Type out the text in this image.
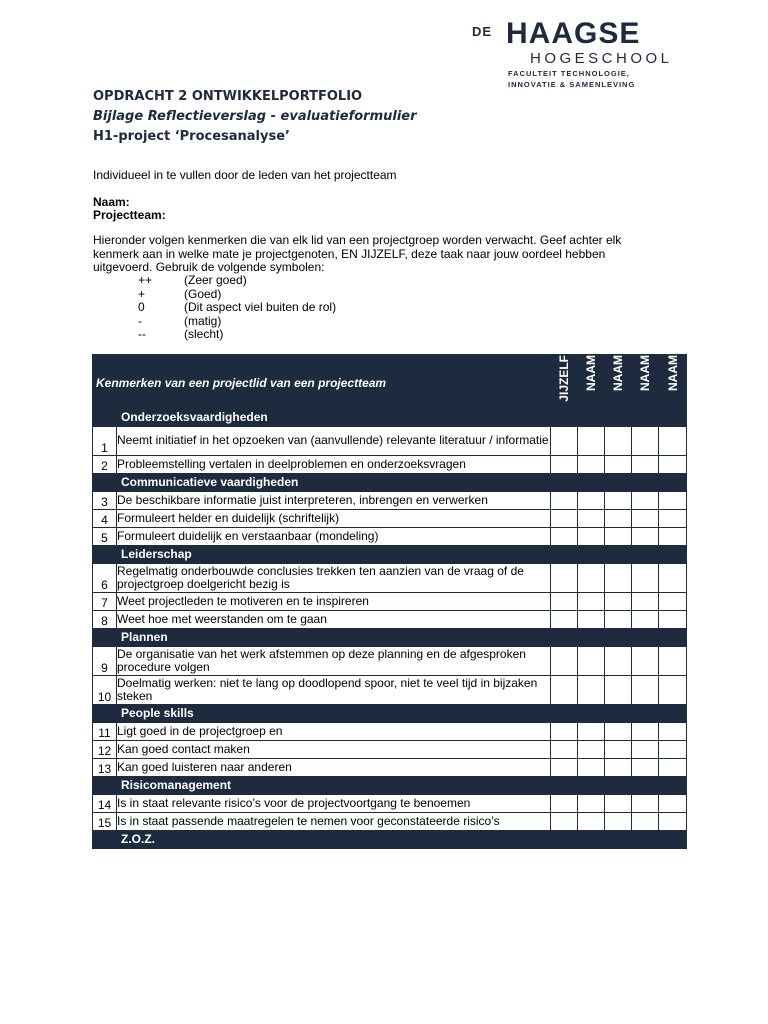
DE HAAGSE
HOGESCHOOL
FACULTEIT TECHNOLOGIE,
INNOVATIE & SAMENLEVING
OPDRACHT 2 ONTWIKKELPORTFOLIO
Bijlage Reflectieverslag - evaluatieformulier
H1-project ‘Procesanalyse’
Individueel in te vullen door de leden van het projectteam
Naam:
Projectteam:
Hieronder volgen kenmerken die van elk lid van een projectgroep worden verwacht. Geef achter elk kenmerk aan in welke mate je projectgenoten, EN JIJZELF, deze taak naar jouw oordeel hebben uitgevoerd. Gebruik de volgende symbolen:
++	(Zeer goed)
+	(Goed)
0	(Dit aspect viel buiten de rol)
-	(matig)
--	(slecht)
Kenmerken van een projectlid van een projectteam		JIJZELF	NAAM	NAAM	NAAM	NAAM
Onderzoeksvaardigheden						
1	Neemt initiatief in het opzoeken van (aanvullende) relevante literatuur / informatie					
2	Probleemstelling vertalen in deelproblemen en onderzoeksvragen					
Communicatieve vaardigheden						
3	De beschikbare informatie juist interpreteren, inbrengen en verwerken					
4	Formuleert helder en duidelijk (schriftelijk)					
5	Formuleert duidelijk en verstaanbaar (mondeling)					
Leiderschap						
6	Regelmatig onderbouwde conclusies trekken ten aanzien van de vraag of de projectgroep doelgericht bezig is					
7	Weet projectleden te motiveren en te inspireren					
8	Weet hoe met weerstanden om te gaan					
Plannen						
9	De organisatie van het werk afstemmen op deze planning en de afgesproken procedure volgen					
10	Doelmatig werken: niet te lang op doodlopend spoor, niet te veel tijd in bijzaken steken					
People skills						
11	Ligt goed in de projectgroep en					
12	Kan goed contact maken					
13	Kan goed luisteren naar anderen					
Risicomanagement						
14	Is in staat relevante risico’s voor de projectvoortgang te benoemen					
15	Is in staat passende maatregelen te nemen voor geconstateerde risico’s					
Z.O.Z.						
